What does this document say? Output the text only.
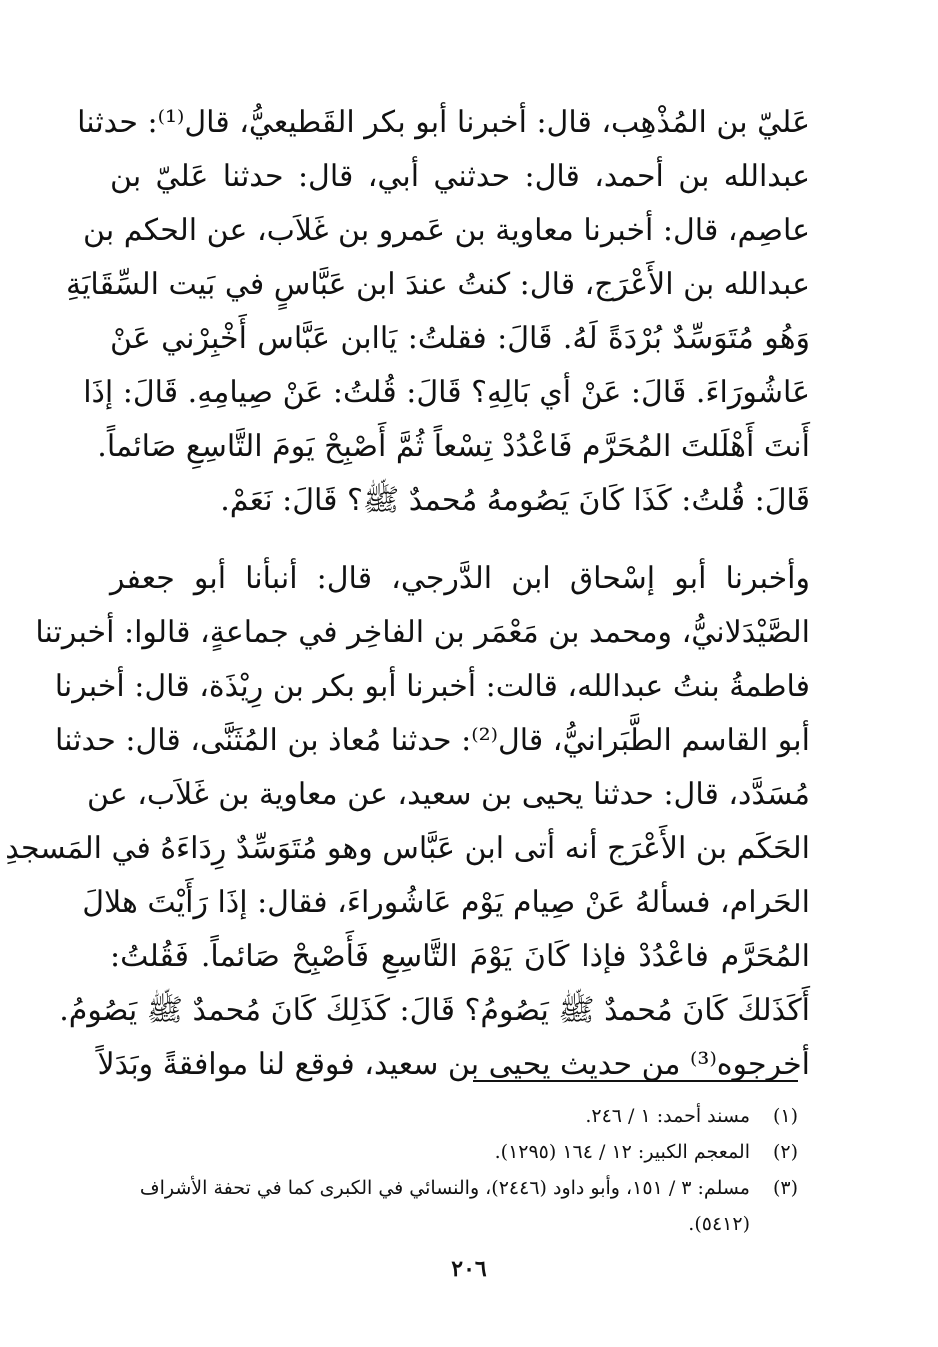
عَليّ بن المُذْهِب، قال: أخبرنا أبو بكر القَطيعيُّ، قال⁽¹⁾: حدثنا
عبدالله بن أحمد، قال: حدثني أبي، قال: حدثنا عَليّ بن
عاصِم، قال: أخبرنا معاوية بن عَمرو بن غَلاَب، عن الحكم بن
عبدالله بن الأَعْرَج، قال: كنتُ عندَ ابن عَبَّاسٍ في بَيت السِّقَايَةِ
وَهُو مُتَوَسِّدٌ بُرْدَةً لَهُ. قَالَ: فقلتُ: يَاابن عَبَّاس أَخْبِرْني عَنْ
عَاشُورَاءَ. قَالَ: عَنْ أي بَالِهِ؟ قَالَ: قُلتُ: عَنْ صِيامِهِ. قَالَ: إذَا
أَنتَ أَهْلَلتَ المُحَرَّم فَاعْدُدْ تِسْعاً ثُمَّ أَصْبِحْ يَومَ التَّاسِعِ صَائماً.
قَالَ: قُلتُ: كَذَا كَانَ يَصُومهُ مُحمدٌ ﷺ؟ قَالَ: نَعَمْ.
وأخبرنا أبو إسْحاق ابن الدَّرجي، قال: أنبأنا أبو جعفر
الصَّيْدَلانيُّ، ومحمد بن مَعْمَر بن الفاخِر في جماعةٍ، قالوا: أخبرتنا
فاطمةُ بنتُ عبدالله، قالت: أخبرنا أبو بكر بن رِيْذَة، قال: أخبرنا
أبو القاسم الطَّبَرانيُّ، قال⁽²⁾: حدثنا مُعاذ بن المُثَنَّى، قال: حدثنا
مُسَدَّد، قال: حدثنا يحيى بن سعيد، عن معاوية بن غَلاَب، عن
الحَكَم بن الأَعْرَج أنه أتى ابن عَبَّاس وهو مُتَوَسِّدٌ رِدَاءَهُ في المَسجدِ
الحَرام، فسألهُ عَنْ صِيام يَوْم عَاشُوراءَ، فقال: إذَا رَأَيْتَ هلالَ
المُحَرَّم فاعْدُدْ فإذا كَانَ يَوْمَ التَّاسِعِ فَأَصْبِحْ صَائماً. فَقُلتُ:
أَكَذَلكَ كَانَ مُحمدٌ ﷺ يَصُومُ؟ قَالَ: كَذَلِكَ كَانَ مُحمدٌ ﷺ يَصُومُ.
أخرجوه⁽³⁾ من حديث يحيى بن سعيد، فوقع لنا موافقةً وبَدَلاً
(١)
مسند أحمد: ١ / ٢٤٦.
(٢)
المعجم الكبير: ١٢ / ١٦٤ (١٢٩٥).
(٣)
مسلم: ٣ / ١٥١، وأبو داود (٢٤٤٦)، والنسائي في الكبرى كما في تحفة الأشراف
(٥٤١٢).
٢٠٦
